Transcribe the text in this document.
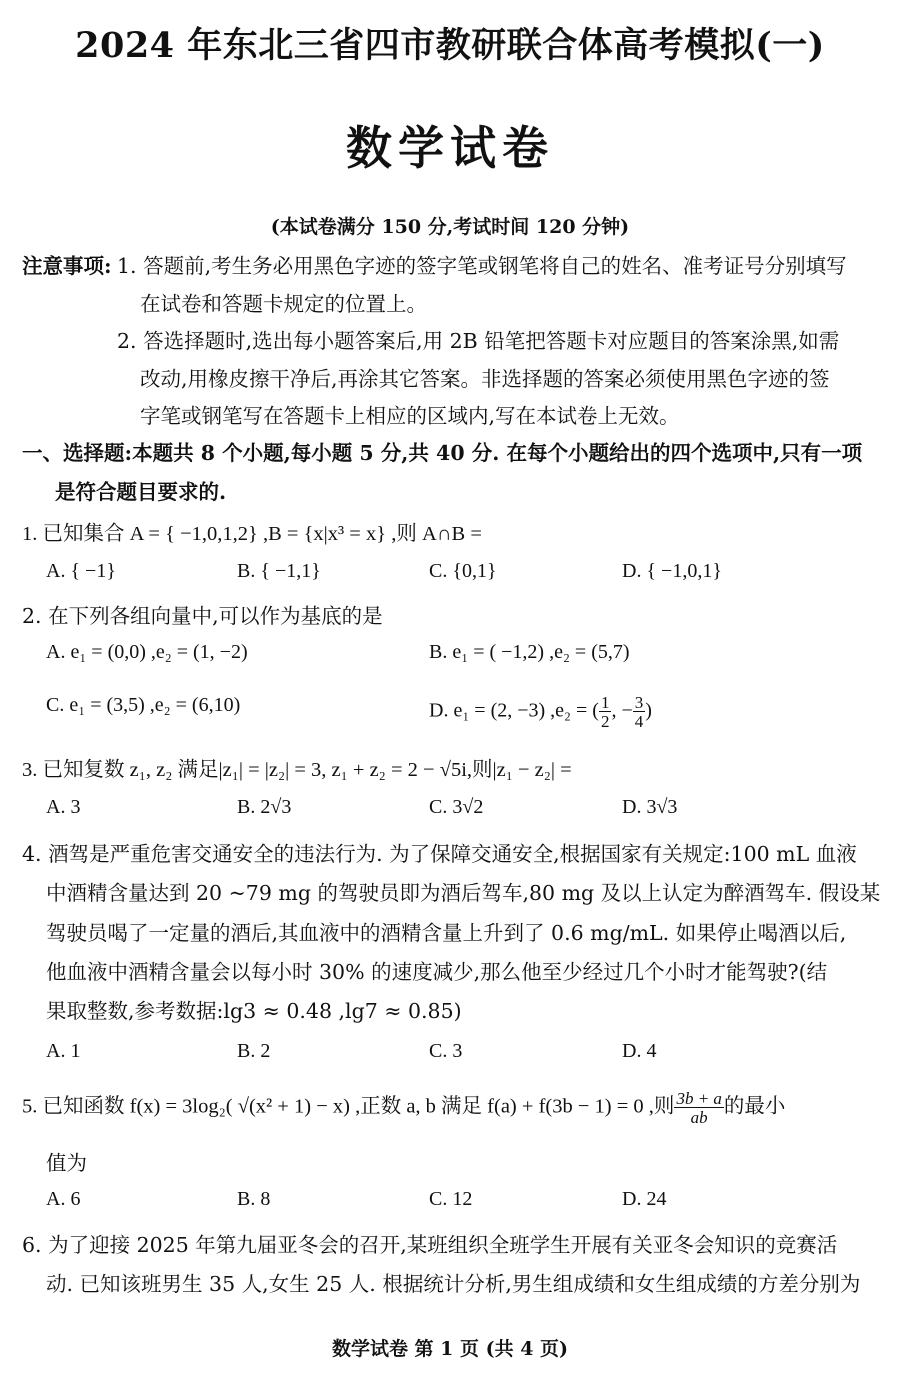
2024 年东北三省四市教研联合体高考模拟(一)
数学试卷
(本试卷满分 150 分,考试时间 120 分钟)
注意事项: 1. 答题前,考生务必用黑色字迹的签字笔或钢笔将自己的姓名、准考证号分别填写
在试卷和答题卡规定的位置上。
2. 答选择题时,选出每小题答案后,用 2B 铅笔把答题卡对应题目的答案涂黑,如需
改动,用橡皮擦干净后,再涂其它答案。非选择题的答案必须使用黑色字迹的签
字笔或钢笔写在答题卡上相应的区域内,写在本试卷上无效。
一、选择题:本题共 8 个小题,每小题 5 分,共 40 分. 在每个小题给出的四个选项中,只有一项
是符合题目要求的.
1. 已知集合 A = { −1,0,1,2} ,B = {x|x³ = x} ,则 A∩B =
A. { −1}	B. { −1,1}	C. {0,1}	D. { −1,0,1}
2. 在下列各组向量中,可以作为基底的是
A. e₁ = (0,0) ,e₂ = (1, −2)	B. e₁ = ( −1,2) ,e₂ = (5,7)
C. e₁ = (3,5) ,e₂ = (6,10)	D. e₁ = (2, −3) ,e₂ = ( $\frac{1}{2}$ , − $\frac{3}{4}$ )
3. 已知复数 z₁, z₂ 满足|z₁| = |z₂| = 3, z₁ + z₂ = 2 − √5i,则|z₁ − z₂| =
A. 3	B. 2√3	C. 3√2	D. 3√3
4. 酒驾是严重危害交通安全的违法行为. 为了保障交通安全,根据国家有关规定:100 mL 血液
中酒精含量达到 20 ~79 mg 的驾驶员即为酒后驾车,80 mg 及以上认定为醉酒驾车. 假设某
驾驶员喝了一定量的酒后,其血液中的酒精含量上升到了 0.6 mg/mL. 如果停止喝酒以后,
他血液中酒精含量会以每小时 30% 的速度减少,那么他至少经过几个小时才能驾驶?(结
果取整数,参考数据:lg3 ≈ 0.48 ,lg7 ≈ 0.85)
A. 1	B. 2	C. 3	D. 4
5. 已知函数 f(x) = 3log₂( √(x² + 1) − x) ,正数 a, b 满足 f(a) + f(3b − 1) = 0 ,则 $\frac{3b + a}{ab}$ 的最小
值为
A. 6	B. 8	C. 12	D. 24
6. 为了迎接 2025 年第九届亚冬会的召开,某班组织全班学生开展有关亚冬会知识的竞赛活
动. 已知该班男生 35 人,女生 25 人. 根据统计分析,男生组成绩和女生组成绩的方差分别为
数学试卷 第 1 页 (共 4 页)
